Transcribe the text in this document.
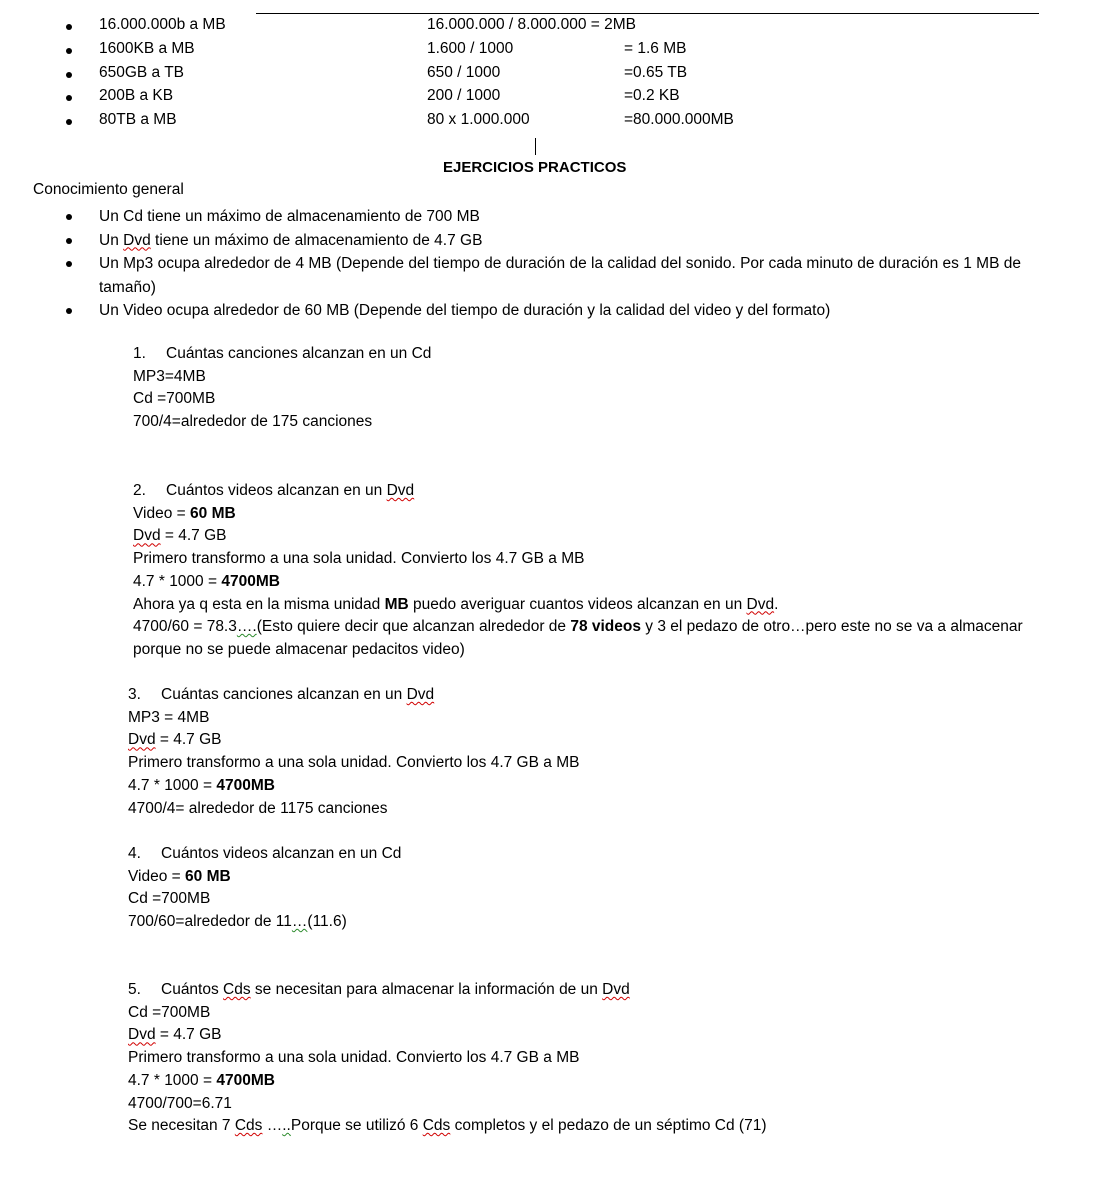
16.000.000b a MB	16.000.000 / 8.000.000 = 2MB
1600KB a MB	1.600 / 1000	= 1.6 MB
650GB a TB	650 / 1000	=0.65 TB
200B a KB	200 / 1000	=0.2 KB
80TB a MB	80 x 1.000.000	=80.000.000MB
EJERCICIOS PRACTICOS
Conocimiento general
Un Cd tiene un máximo de almacenamiento de 700 MB
Un Dvd tiene un máximo de almacenamiento de 4.7 GB
Un Mp3 ocupa alrededor de 4 MB (Depende del tiempo de duración de la calidad del sonido. Por cada minuto de duración es 1 MB de tamaño)
Un Video ocupa alrededor de 60 MB (Depende del tiempo de duración y la calidad del video y del formato)
1. Cuántas canciones alcanzan en un Cd
MP3=4MB
Cd =700MB
700/4=alrededor de 175 canciones
2. Cuántos videos alcanzan en un Dvd
Video = 60 MB
Dvd = 4.7 GB
Primero transformo a una sola unidad. Convierto los 4.7 GB a MB
4.7 * 1000 = 4700MB
Ahora ya q esta en la misma unidad MB puedo averiguar cuantos videos alcanzan en un Dvd.
4700/60 = 78.3….(Esto quiere decir que alcanzan alrededor de 78 videos y 3 el pedazo de otro…pero este no se va a almacenar porque no se puede almacenar pedacitos video)
3. Cuántas canciones alcanzan en un Dvd
MP3 = 4MB
Dvd = 4.7 GB
Primero transformo a una sola unidad. Convierto los 4.7 GB a MB
4.7 * 1000 = 4700MB
4700/4= alrededor de 1175 canciones
4. Cuántos videos alcanzan en un Cd
Video = 60 MB
Cd =700MB
700/60=alrededor de 11…(11.6)
5. Cuántos Cds se necesitan para almacenar la información de un Dvd
Cd =700MB
Dvd = 4.7 GB
Primero transformo a una sola unidad. Convierto los 4.7 GB a MB
4.7 * 1000 = 4700MB
4700/700=6.71
Se necesitan 7 Cds …..Porque se utilizó 6 Cds completos y el pedazo de un séptimo Cd (71)
